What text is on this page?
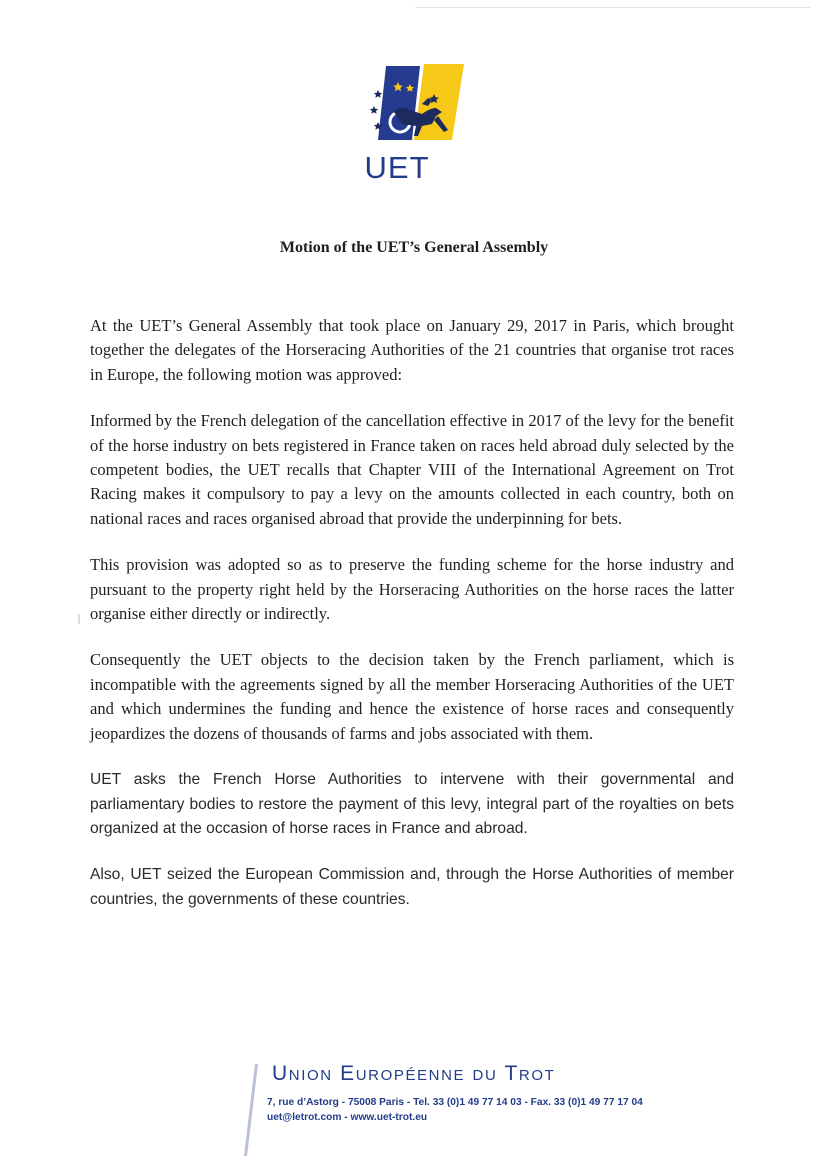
UET
Motion of the UET’s General Assembly

At the UET’s General Assembly that took place on January 29, 2017 in Paris, which brought together the delegates of the Horseracing Authorities of the 21 countries that organise trot races in Europe, the following motion was approved:

Informed by the French delegation of the cancellation effective in 2017 of the levy for the benefit of the horse industry on bets registered in France taken on races held abroad duly selected by the competent bodies, the UET recalls that Chapter VIII of the International Agreement on Trot Racing makes it compulsory to pay a levy on the amounts collected in each country, both on national races and races organised abroad that provide the underpinning for bets.

This provision was adopted so as to preserve the funding scheme for the horse industry and pursuant to the property right held by the Horseracing Authorities on the horse races the latter organise either directly or indirectly.

Consequently the UET objects to the decision taken by the French parliament, which is incompatible with the agreements signed by all the member Horseracing Authorities of the UET and which undermines the funding and hence the existence of horse races and consequently jeopardizes the dozens of thousands of farms and jobs associated with them.

UET asks the French Horse Authorities to intervene with their governmental and parliamentary bodies to restore the payment of this levy, integral part of the royalties on bets organized at the occasion of horse races in France and abroad.

Also, UET seized the European Commission and, through the Horse Authorities of member countries, the governments of these countries.

Union Européenne du Trot
7, rue d’Astorg - 75008 Paris - Tel. 33 (0)1 49 77 14 03 - Fax. 33 (0)1 49 77 17 04
uet@letrot.com - www.uet-trot.eu
